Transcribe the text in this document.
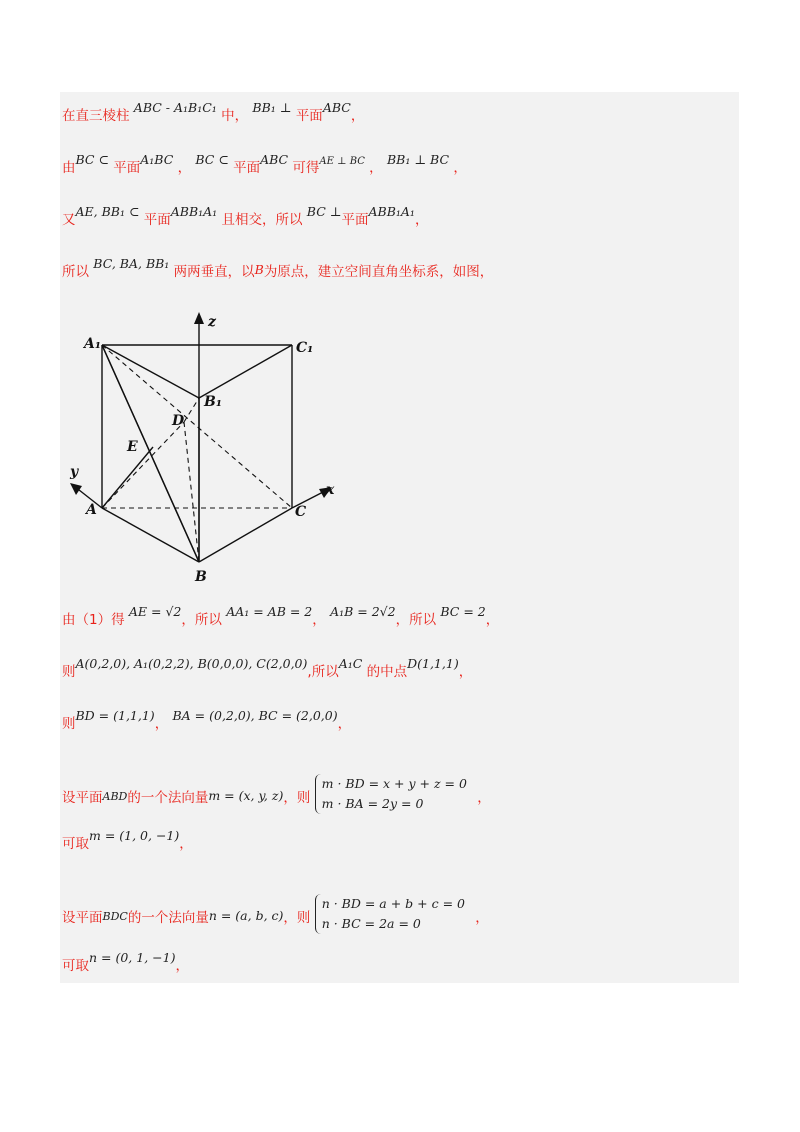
在直三棱柱 ABC - A₁B₁C₁ 中， BB₁ ⊥ 平面ABC，
由BC ⊂ 平面A₁BC ， BC ⊂ 平面ABC 可得$^{AE \perp BC}$ ， BB₁ ⊥ BC ，
又AE, BB₁ ⊂ 平面ABB₁A₁ 且相交，所以 BC ⊥平面ABB₁A₁，
所以 BC, BA, BB₁ 两两垂直，以B为原点，建立空间直角坐标系，如图，
A₁	C₁
B₁
D
E
A	C
B
x
y
z
由（1）得 AE = √2，所以 AA₁ = AB = 2， A₁B = 2√2，所以 BC = 2，
则A(0,2,0), A₁(0,2,2), B(0,0,0), C(2,0,0),所以A₁C 的中点D(1,1,1)，
则BD = (1,1,1)， BA = (0,2,0), BC = (2,0,0)，
设平面ABD的一个法向量m = (x, y, z)，则 m · BD = x + y + z = 0
m · BA = 2y = 0	，
可取m = (1, 0, −1)，
设平面BDC的一个法向量n = (a, b, c)，则 n · BD = a + b + c = 0
n · BC = 2a = 0	，
可取n = (0, 1, −1)，
